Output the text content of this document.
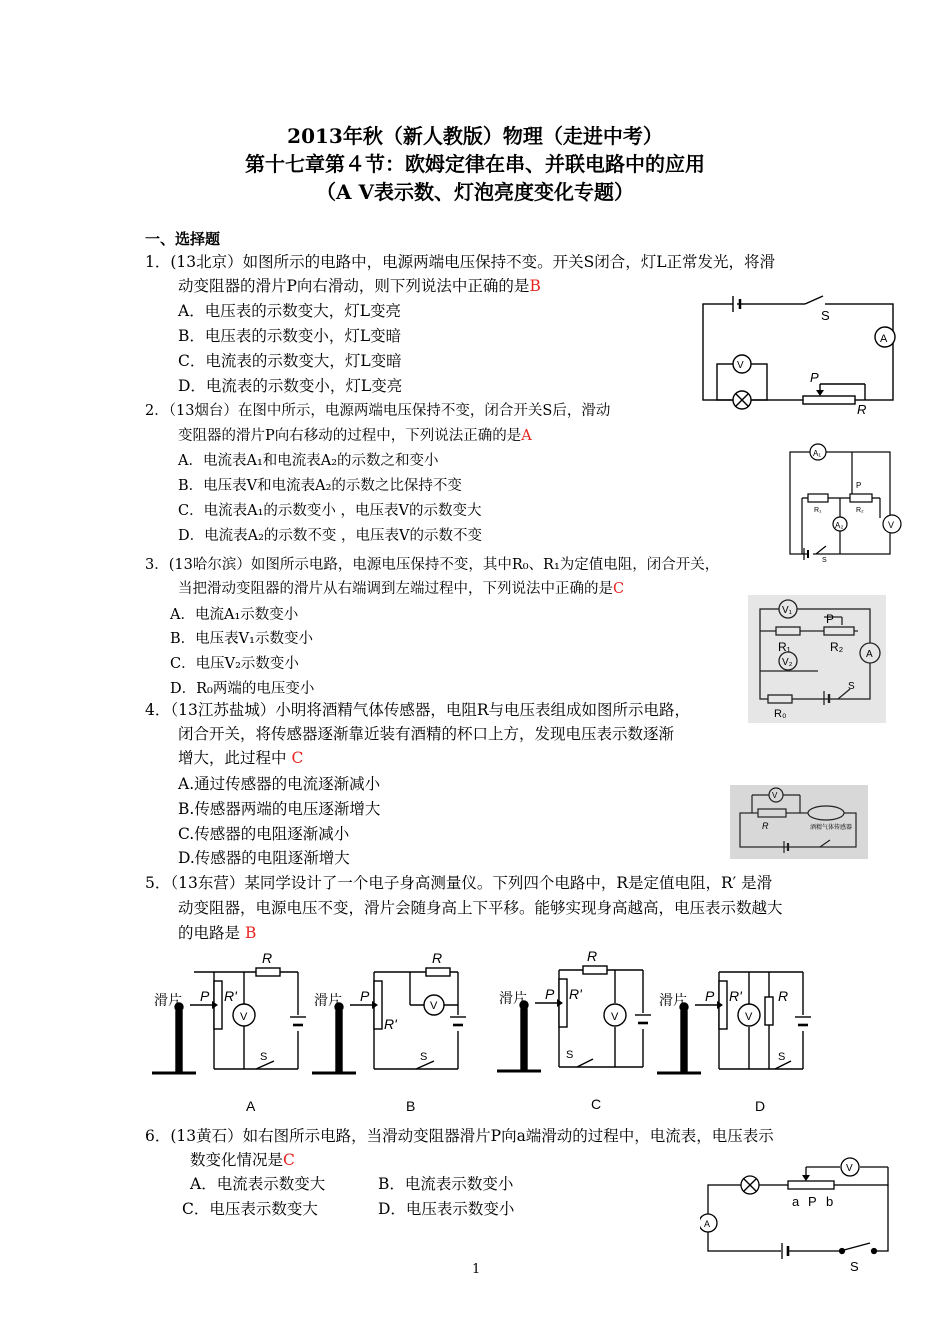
2013年秋（新人教版）物理（走进中考）
第十七章第４节：欧姆定律在串、并联电路中的应用
（A V表示数、灯泡亮度变化专题）
一、选择题
1．(13北京）如图所示的电路中，电源两端电压保持不变。开关S闭合，灯L正常发光，将滑
动变阻器的滑片P向右滑动，则下列说法中正确的是B
A．电压表的示数变大，灯L变亮
B．电压表的示数变小，灯L变暗
C．电流表的示数变大，灯L变暗
D．电流表的示数变小，灯L变亮
S
A
V
P
R
2．（13烟台）在图中所示，电源两端电压保持不变，闭合开关S后，滑动
变阻器的滑片P向右移动的过程中，下列说法正确的是A
A．电流表A₁和电流表A₂的示数之和变小
B．电压表V和电流表A₂的示数之比保持不变
C．电流表A₁的示数变小 ，电压表V的示数变大
D．电流表A₂的示数不变 ，电压表V的示数不变
A₁
A₂	V
P
R₁	R₂
S
3．(13哈尔滨）如图所示电路，电源电压保持不变，其中R₀、R₁为定值电阻，闭合开关，
当把滑动变阻器的滑片从右端调到左端过程中，下列说法中正确的是C
A．电流A₁示数变小
B．电压表V₁示数变小
C．电压V₂示数变小
D．R₀两端的电压变小
V₁
V₂
P
R₁	R₂
A
R₀
S
4．（13江苏盐城）小明将酒精气体传感器，电阻R与电压表组成如图所示电路，
闭合开关，将传感器逐渐靠近装有酒精的杯口上方，发现电压表示数逐渐
增大，此过程中 C
A.通过传感器的电流逐渐减小
B.传感器两端的电压逐渐增大
C.传感器的电阻逐渐减小
D.传感器的电阻逐渐增大
V
R	酒精气体传感器
5．（13东营）某同学设计了一个电子身高测量仪。下列四个电路中，R是定值电阻，R′ 是滑
动变阻器，电源电压不变，滑片会随身高上下平移。能够实现身高越高，电压表示数越大
的电路是 B
滑片 P R'
R
V
S
A
滑片 P
R'
R
V
S
B
滑片 P R'
R
V
S
C
滑片 P R'	R
V
S
D
6．(13黄石）如右图所示电路，当滑动变阻器滑片P向a端滑动的过程中，电流表，电压表示
数变化情况是C
A．电流表示数变大	B．电流表示数变小
C．电压表示数变大	D．电压表示数变小
V
A
a P b
S
1
